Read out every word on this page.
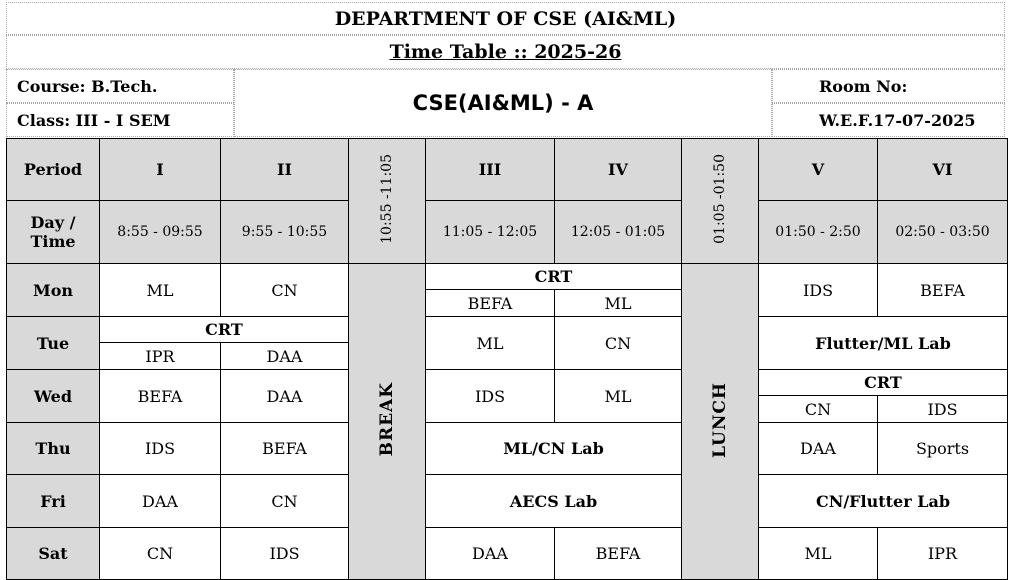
DEPARTMENT OF CSE (AI&ML)
Time Table :: 2025-26
Course: B.Tech.
Class: III - I SEM
CSE(AI&ML) - A
Room No:
W.E.F.17-07-2025
Period	I	II	10:55 -11:05	III	IV	01:05 -01:50	V	VI
Day / Time	8:55 - 09:55	9:55 - 10:55		11:05 - 12:05	12:05 - 01:05		01:50 - 2:50	02:50 - 03:50
Mon	ML	CN	BREAK	CRT		LUNCH	IDS	BEFA
				BEFA	ML			
Tue	CRT			ML	CN		Flutter/ML Lab	
	IPR	DAA						
Wed	BEFA	DAA		IDS	ML		CRT	
							CN	IDS
Thu	IDS	BEFA		ML/CN Lab			DAA	Sports

Fri	DAA	CN		AECS Lab			CN/Flutter Lab	

Sat	CN	IDS		DAA	BEFA		ML	IPR
